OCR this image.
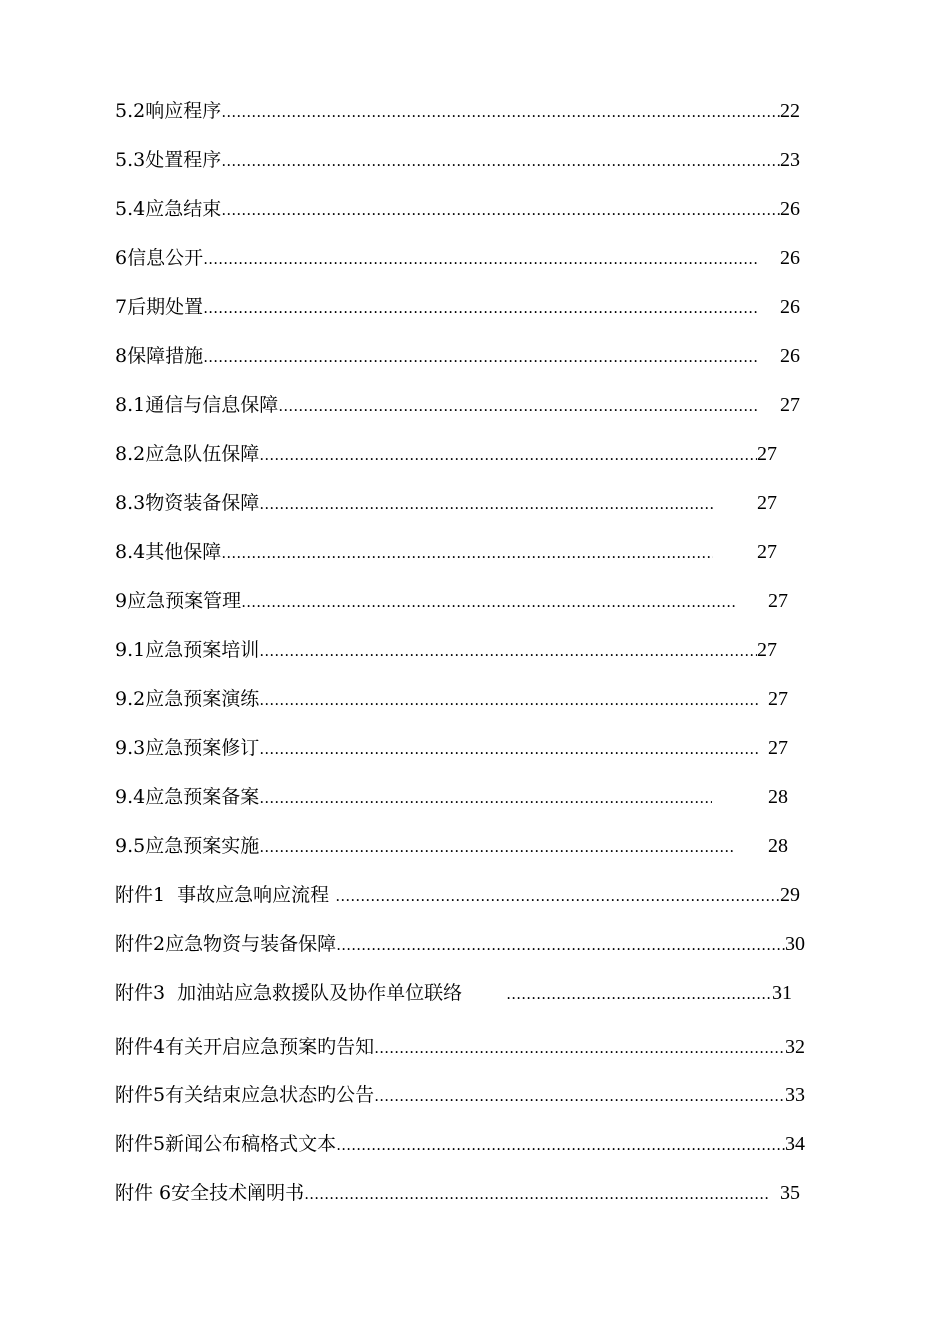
5.2响应程序 ……………………………………………………………………………………………………………………………………………………………………………………	22
5.3处置程序 ……………………………………………………………………………………………………………………………………………………………………………………	23
5.4应急结束 ……………………………………………………………………………………………………………………………………………………………………………………	26
6信息公开 ……………………………………………………………………………………………………………………………………………………………………………………	26
7后期处置 ……………………………………………………………………………………………………………………………………………………………………………………	26
8保障措施 ……………………………………………………………………………………………………………………………………………………………………………………	26
8.1通信与信息保障 ……………………………………………………………………………………………………………………………………………………………………………………	27
8.2应急队伍保障 ……………………………………………………………………………………………………………………………………………………………………………………	27
8.3物资装备保障 ……………………………………………………………………………………………………………………………………………………………………………………	27
8.4其他保障 ……………………………………………………………………………………………………………………………………………………………………………………	27
9应急预案管理 ……………………………………………………………………………………………………………………………………………………………………………………	27
9.1应急预案培训 ……………………………………………………………………………………………………………………………………………………………………………………	27
9.2应急预案演练 ……………………………………………………………………………………………………………………………………………………………………………………	27
9.3应急预案修订 ……………………………………………………………………………………………………………………………………………………………………………………	27
9.4应急预案备案 ……………………………………………………………………………………………………………………………………………………………………………………	28
9.5应急预案实施 ……………………………………………………………………………………………………………………………………………………………………………………	28
附件1  事故应急响应流程 ……………………………………………………………………………………………………………………………………………………………………………………	29
附件2应急物资与装备保障 ……………………………………………………………………………………………………………………………………………………………………………………	30
附件3  加油站应急救援队及协作单位联络 ……………………………………………………………………………………………………………………………………………………………………………………	31
附件4有关开启应急预案旳告知 ……………………………………………………………………………………………………………………………………………………………………………………	32
附件5有关结束应急状态旳公告 ……………………………………………………………………………………………………………………………………………………………………………………	33
附件5新闻公布稿格式文本 ……………………………………………………………………………………………………………………………………………………………………………………	34
附件 6安全技术阐明书 ……………………………………………………………………………………………………………………………………………………………………………………	35
